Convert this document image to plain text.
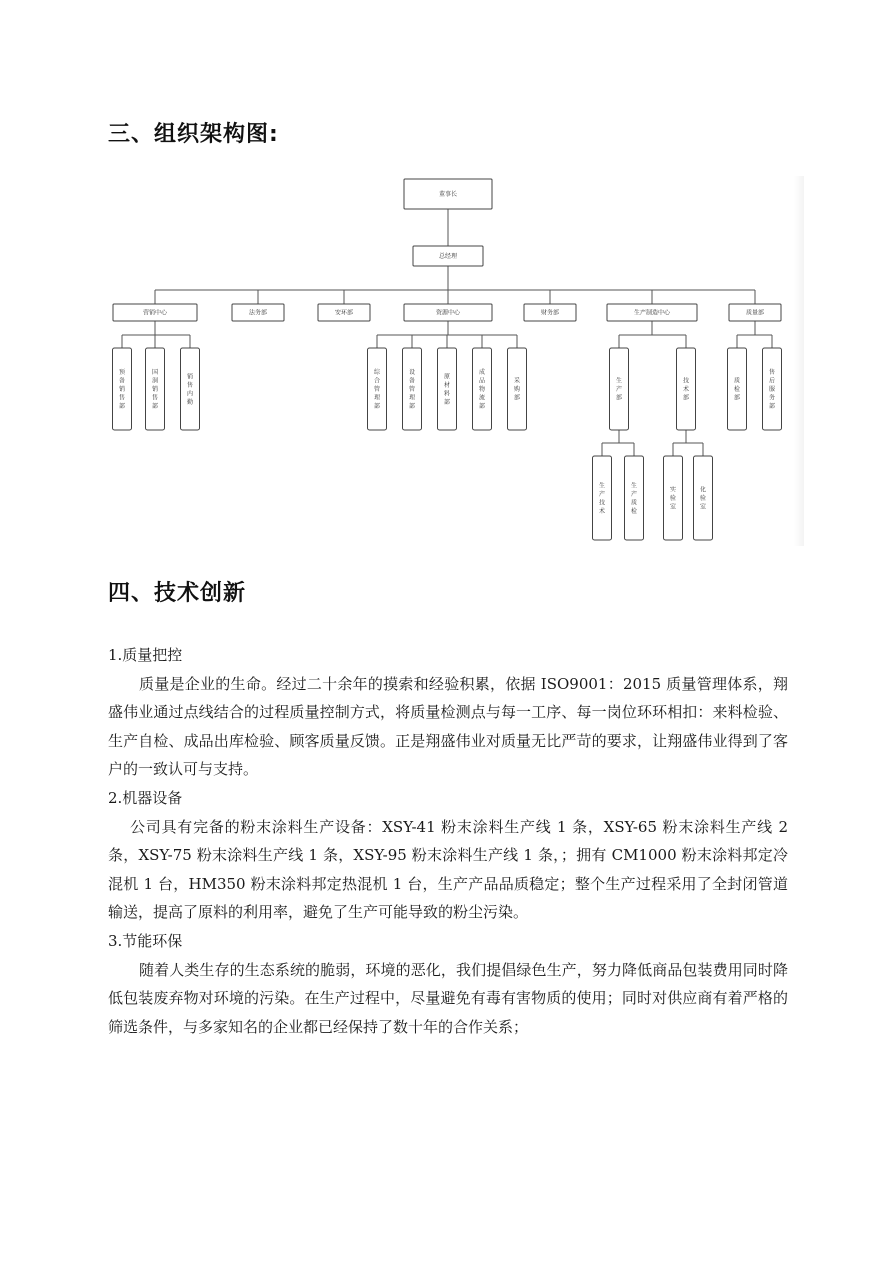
三、组织架构图:
董事长
总经理
营销中心	法务部	安环部	资源中心	财务部	生产制造中心	质量部
预备销售部
国洞销售部
销售内勤
综合管理部
设备管理部
原材料部
成品物流部
采购部
生产部
技术部
质检部
售后服务部
生产技术
生产质检
实验室
化验室
四、技术创新

1.质量把控

质量是企业的生命。经过二十余年的摸索和经验积累，依据 ISO9001：2015 质量管理体系，翔盛伟业通过点线结合的过程质量控制方式，将质量检测点与每一工序、每一岗位环环相扣：来料检验、生产自检、成品出库检验、顾客质量反馈。正是翔盛伟业对质量无比严苛的要求，让翔盛伟业得到了客户的一致认可与支持。

2.机器设备

公司具有完备的粉末涂料生产设备：XSY-41 粉末涂料生产线 1 条，XSY-65 粉末涂料生产线 2 条，XSY-75 粉末涂料生产线 1 条，XSY-95 粉末涂料生产线 1 条，；拥有 CM1000 粉末涂料邦定冷混机 1 台，HM350 粉末涂料邦定热混机 1 台，生产产品品质稳定；整个生产过程采用了全封闭管道输送，提高了原料的利用率，避免了生产可能导致的粉尘污染。

3.节能环保

随着人类生存的生态系统的脆弱，环境的恶化，我们提倡绿色生产，努力降低商品包装费用同时降低包装废弃物对环境的污染。在生产过程中，尽量避免有毒有害物质的使用；同时对供应商有着严格的筛选条件，与多家知名的企业都已经保持了数十年的合作关系；
